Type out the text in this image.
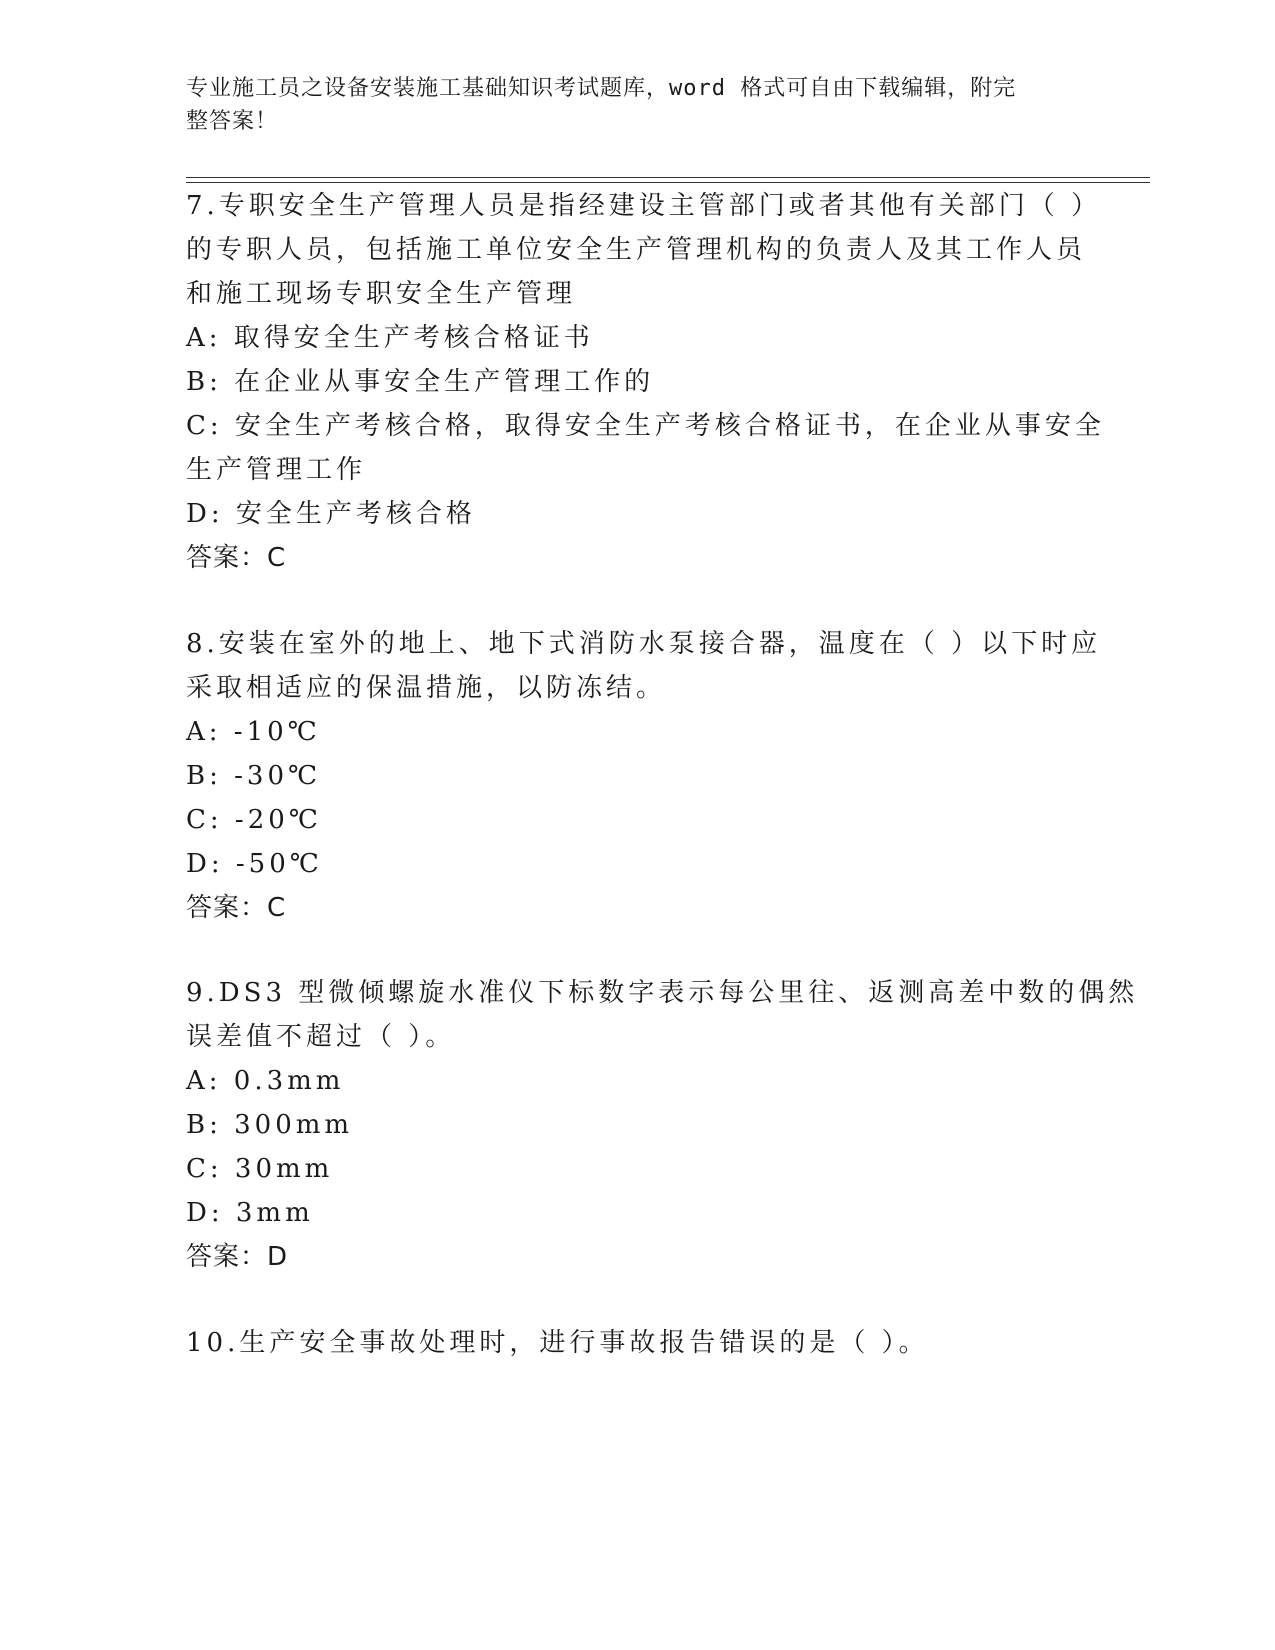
专业施工员之设备安装施工基础知识考试题库，word 格式可自由下载编辑，附完
整答案！
7.专职安全生产管理人员是指经建设主管部门或者其他有关部门（ ）
的专职人员，包括施工单位安全生产管理机构的负责人及其工作人员
和施工现场专职安全生产管理
A: 取得安全生产考核合格证书
B: 在企业从事安全生产管理工作的
C: 安全生产考核合格，取得安全生产考核合格证书，在企业从事安全
生产管理工作
D: 安全生产考核合格
答案：C
8.安装在室外的地上、地下式消防水泵接合器，温度在（ ）以下时应
采取相适应的保温措施，以防冻结。
A: -10℃
B: -30℃
C: -20℃
D: -50℃
答案：C
9.DS3 型微倾螺旋水准仪下标数字表示每公里往、返测高差中数的偶然
误差值不超过（ ）。
A: 0.3mm
B: 300mm
C: 30mm
D: 3mm
答案：D
10.生产安全事故处理时，进行事故报告错误的是（ ）。
